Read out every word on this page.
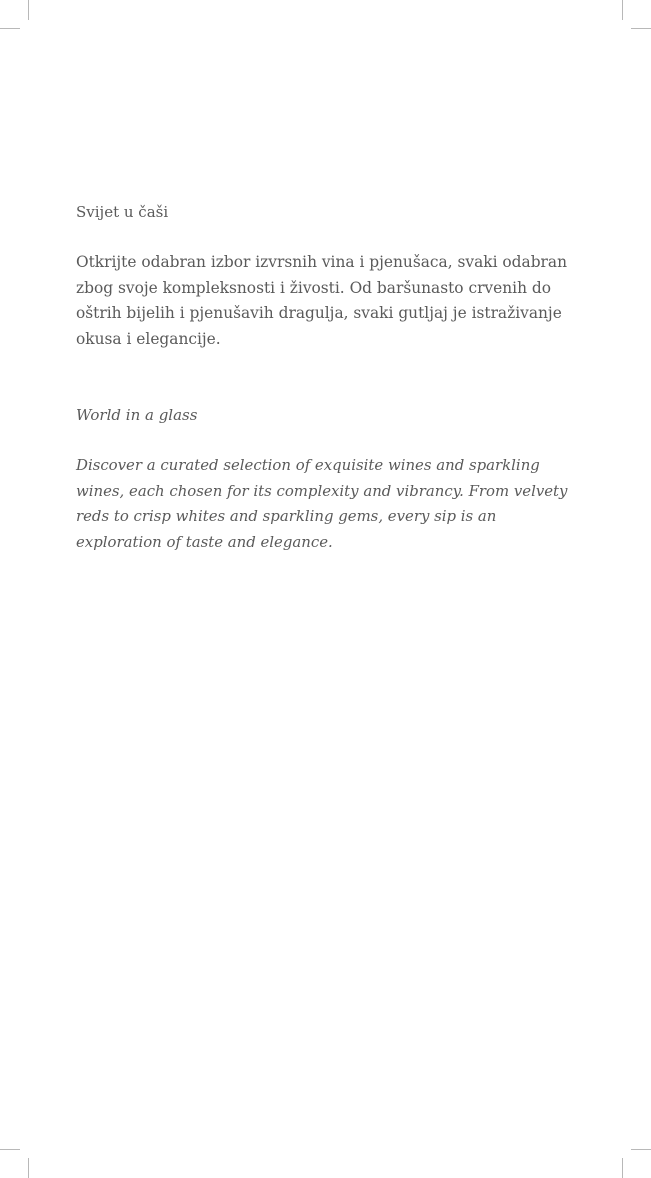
Svijet u čaši

Otkrijte odabran izbor izvrsnih vina i pjenušaca, svaki odabran zbog svoje kompleksnosti i živosti. Od baršunasto crvenih do oštrih bijelih i pjenušavih dragulja, svaki gutljaj je istraživanje okusa i elegancije.

World in a glass

Discover a curated selection of exquisite wines and sparkling wines, each chosen for its complexity and vibrancy. From velvety reds to crisp whites and sparkling gems, every sip is an exploration of taste and elegance.
